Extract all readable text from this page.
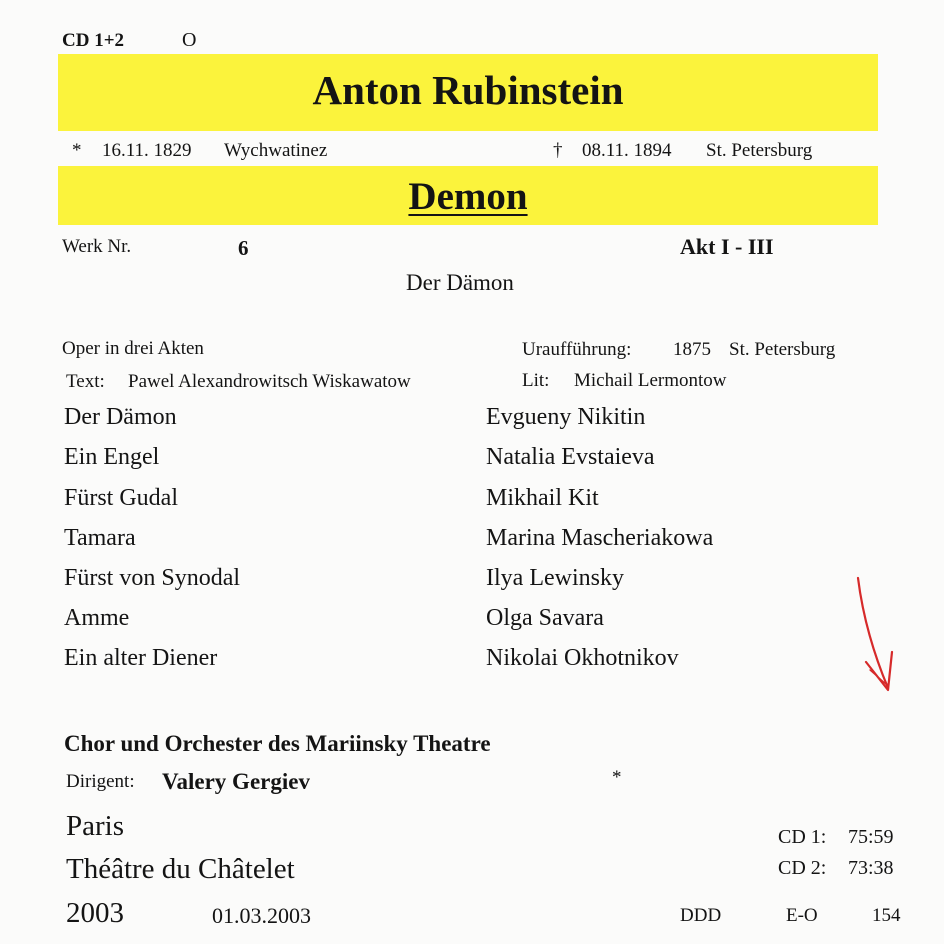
CD 1+2	O
Anton Rubinstein
* 16.11. 1829 Wychwatinez	† 08.11. 1894 St. Petersburg
Demon
Werk Nr.	6	Akt I - III
Der Dämon
Oper in drei Akten	Uraufführung: 1875 St. Petersburg
Text: Pawel Alexandrowitsch Wiskawatow	Lit: Michail Lermontow
Der Dämon	Evgueny Nikitin
Ein Engel	Natalia Evstaieva
Fürst Gudal	Mikhail Kit
Tamara	Marina Mascheriakowa
Fürst von Synodal	Ilya Lewinsky
Amme	Olga Savara
Ein alter Diener	Nikolai Okhotnikov
Chor und Orchester des Mariinsky Theatre
Dirigent: Valery Gergiev	*
Paris
Théâtre du Châtelet
2003	01.03.2003
CD 1: 75:59
CD 2: 73:38
DDD	E-O	154
